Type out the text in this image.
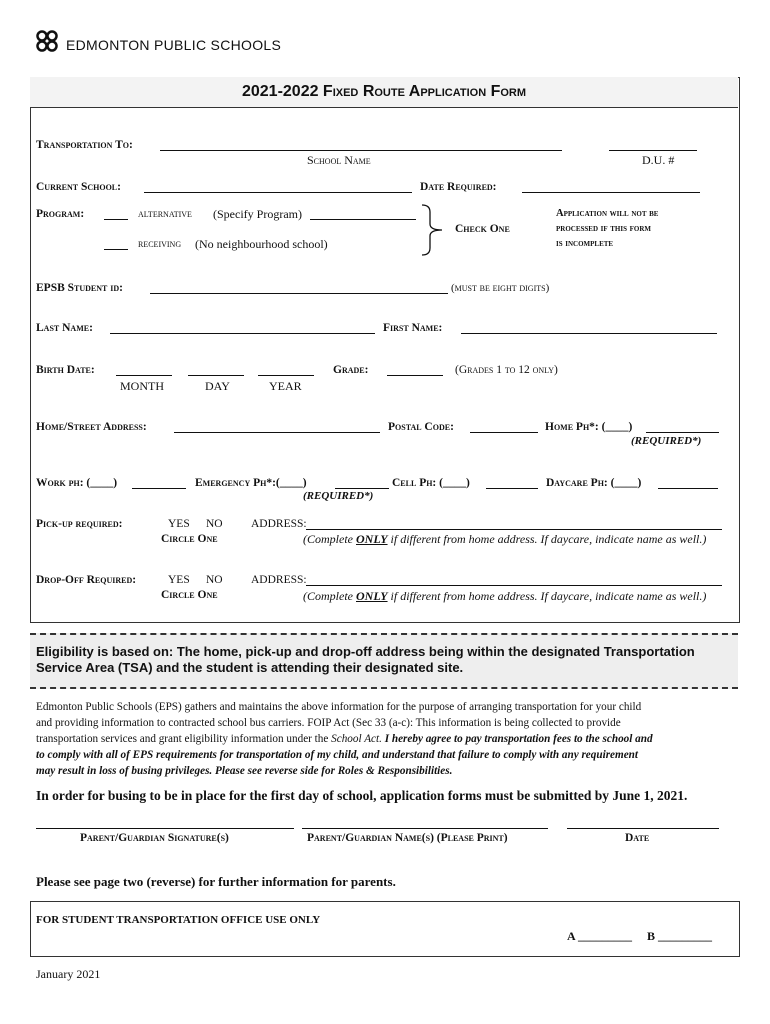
EDMONTON PUBLIC SCHOOLS
2021-2022 Fixed Route Application Form
Transportation To:
School Name	D.U. #
Current School:	Date Required:
Program:	alternative (Specify Program)
receiving (No neighbourhood school)
Check One
Application will not be
processed if this form
is incomplete
EPSB Student id:	(must be eight digits)
Last Name:	First Name:
Birth Date:
MONTH	DAY	YEAR
Grade:	(Grades 1 to 12 only)
Home/Street Address:	Postal Code:	Home Ph*: (____)
(REQUIRED*)
Work ph: (____)	Emergency Ph*:(____)
(REQUIRED*)
Cell Ph: (____)	Daycare Ph: (____)
Pick-up required:	YES NO
Circle One
ADDRESS:
(Complete ONLY if different from home address. If daycare, indicate name as well.)
Drop-Off Required:	YES NO
Circle One
ADDRESS:
(Complete ONLY if different from home address. If daycare, indicate name as well.)
Eligibility is based on: The home, pick-up and drop-off address being within the designated Transportation Service Area (TSA) and the student is attending their designated site.
Edmonton Public Schools (EPS) gathers and maintains the above information for the purpose of arranging transportation for your child
and providing information to contracted school bus carriers. FOIP Act (Sec 33 (a-c): This information is being collected to provide
transportation services and grant eligibility information under the School Act. I hereby agree to pay transportation fees to the school and
to comply with all of EPS requirements for transportation of my child, and understand that failure to comply with any requirement
may result in loss of busing privileges. Please see reverse side for Roles & Responsibilities.
In order for busing to be in place for the first day of school, application forms must be submitted by June 1, 2021.
Parent/Guardian Signature(s)	Parent/Guardian Name(s) (Please Print)	Date
Please see page two (reverse) for further information for parents.
FOR STUDENT TRANSPORTATION OFFICE USE ONLY
A _________ B _________
January 2021
